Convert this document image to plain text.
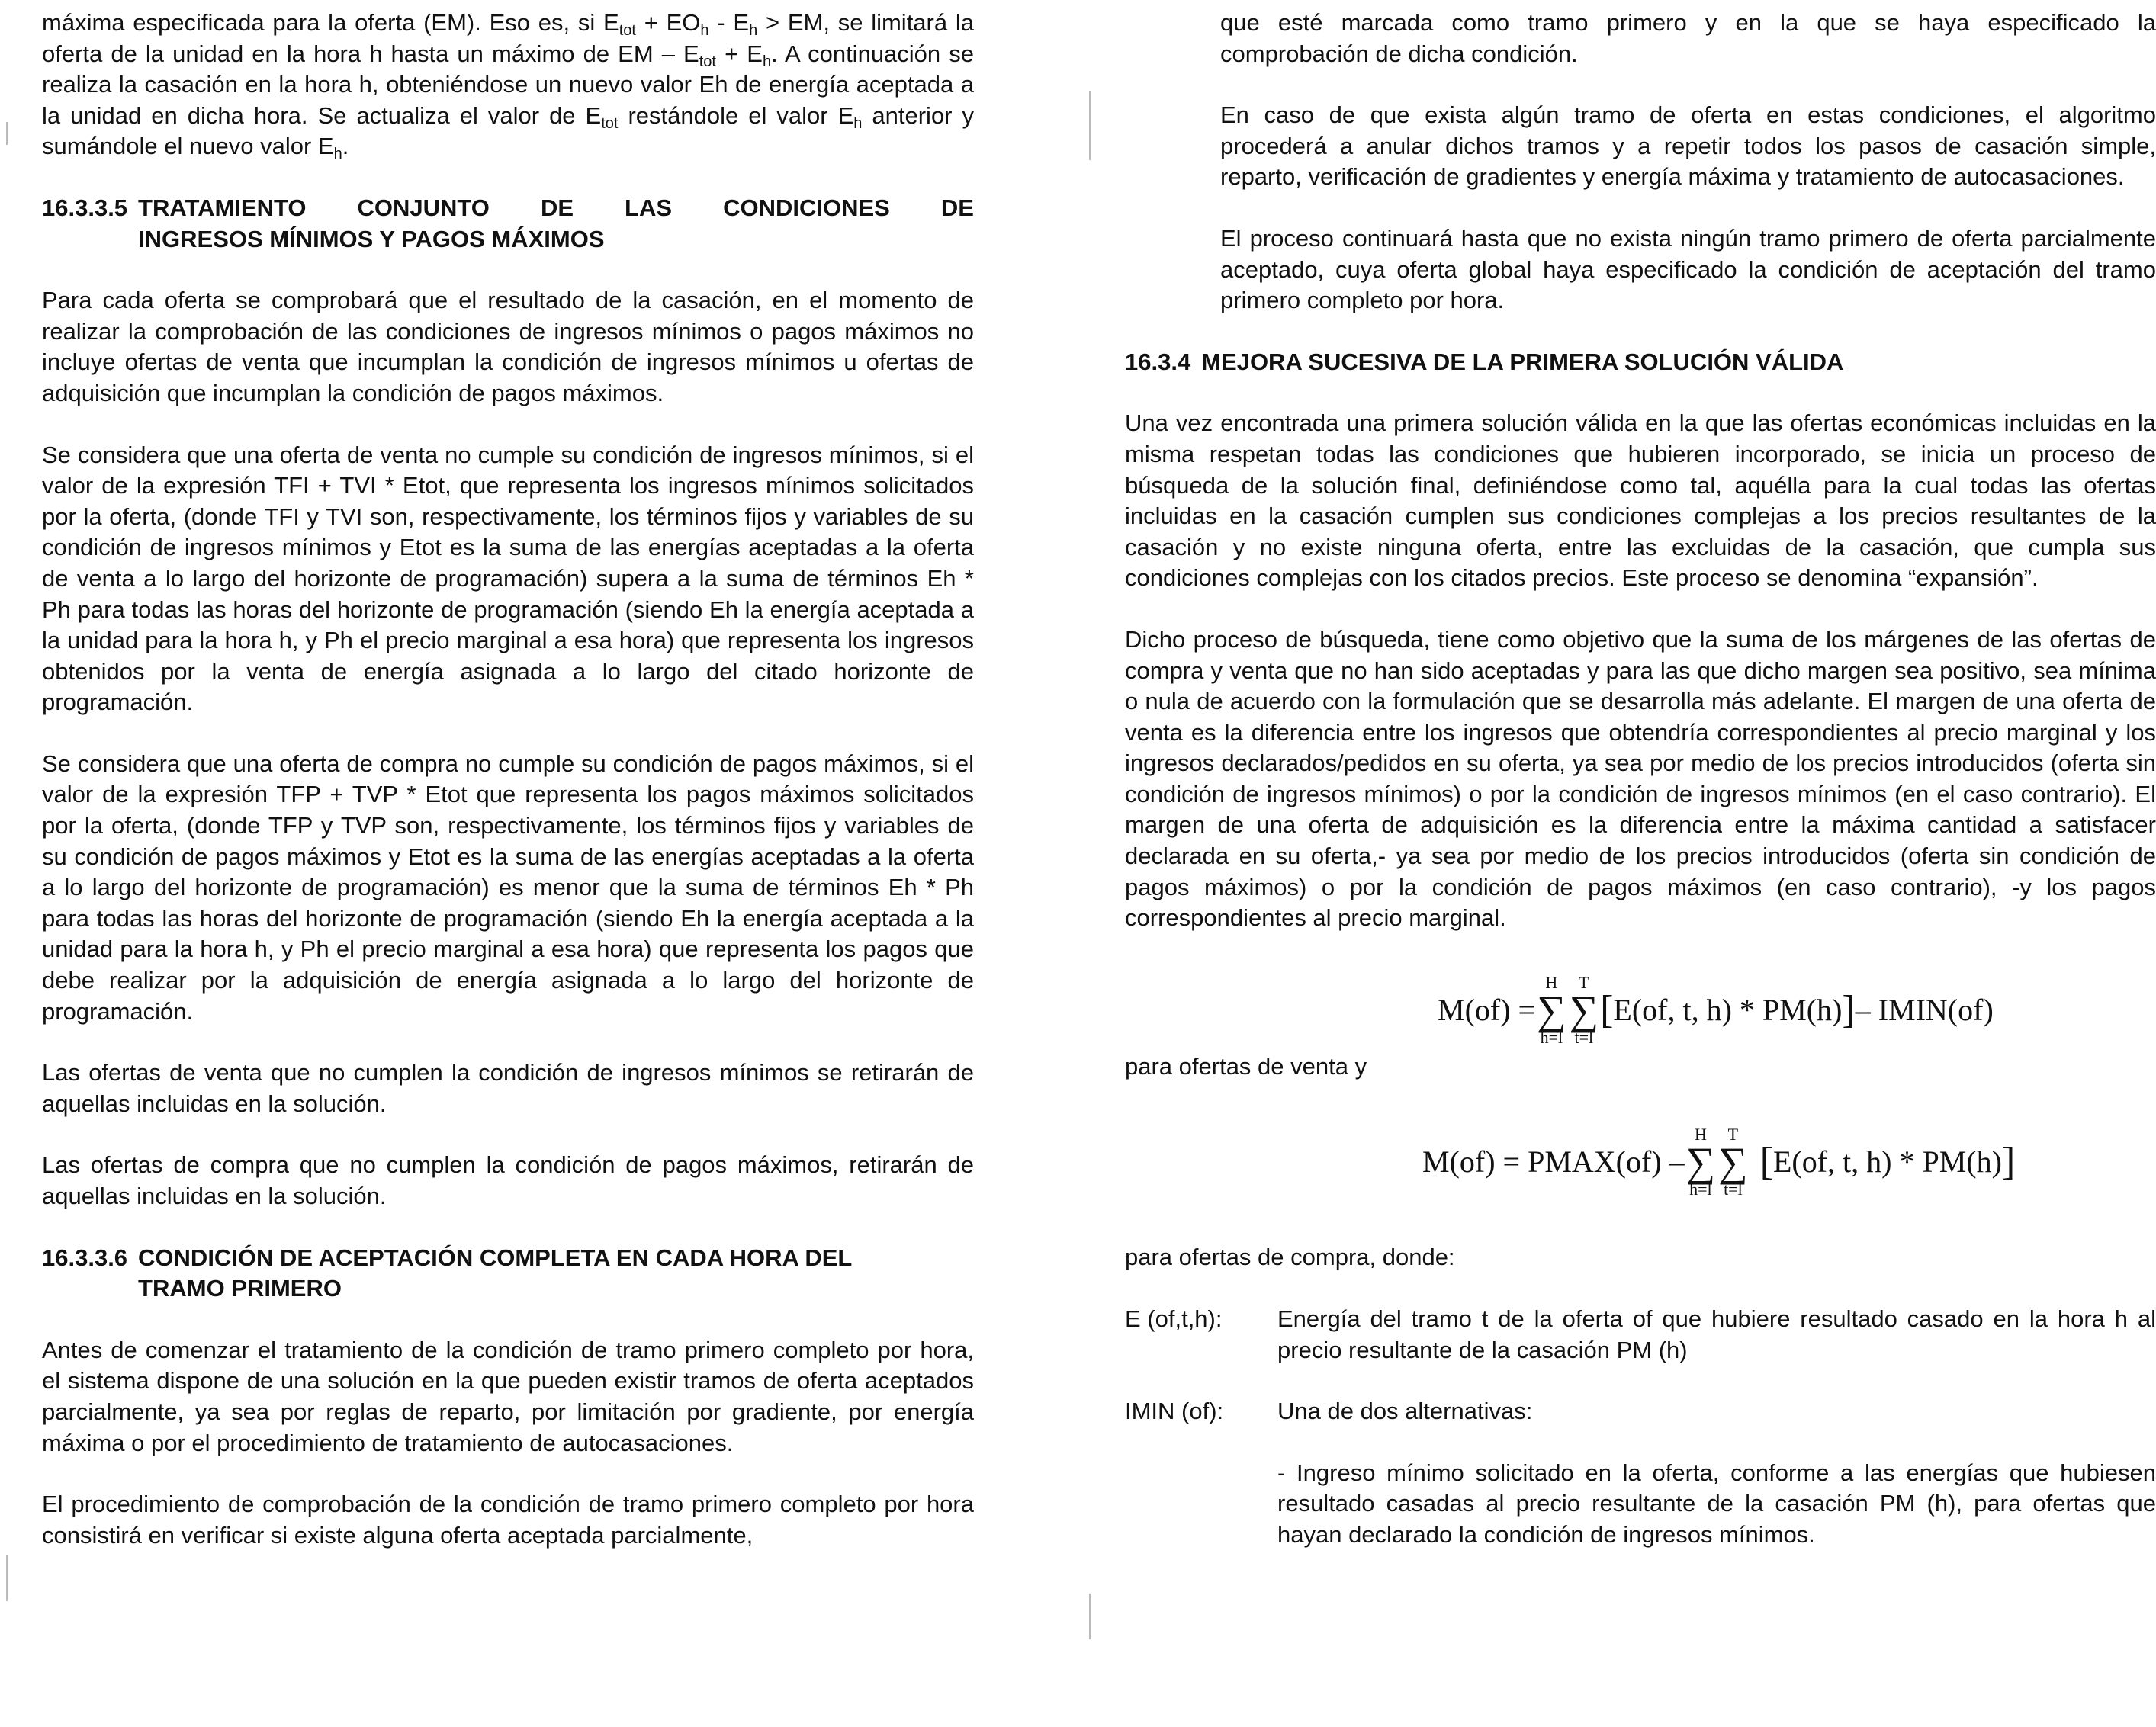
máxima especificada para la oferta (EM). Eso es, si $E_{tot} + EO_h - E_h$ > EM, se limitará la oferta de la unidad en la hora h hasta un máximo de EM – $E_{tot} + E_h$. A continuación se realiza la casación en la hora h, obteniéndose un nuevo valor Eh de energía aceptada a la unidad en dicha hora. Se actualiza el valor de $E_{tot}$ restándole el valor $E_h$ anterior y sumándole el nuevo valor $E_h$.

16.3.3.5 TRATAMIENTO CONJUNTO DE LAS CONDICIONES DE
INGRESOS MÍNIMOS Y PAGOS MÁXIMOS

Para cada oferta se comprobará que el resultado de la casación, en el momento de realizar la comprobación de las condiciones de ingresos mínimos o pagos máximos no incluye ofertas de venta que incumplan la condición de ingresos mínimos u ofertas de adquisición que incumplan la condición de pagos máximos.

Se considera que una oferta de venta no cumple su condición de ingresos mínimos, si el valor de la expresión TFI + TVI * Etot, que representa los ingresos mínimos solicitados por la oferta, (donde TFI y TVI son, respectivamente, los términos fijos y variables de su condición de ingresos mínimos y Etot es la suma de las energías aceptadas a la oferta de venta a lo largo del horizonte de programación) supera a la suma de términos Eh * Ph para todas las horas del horizonte de programación (siendo Eh la energía aceptada a la unidad para la hora h, y Ph el precio marginal a esa hora) que representa los ingresos obtenidos por la venta de energía asignada a lo largo del citado horizonte de programación.

Se considera que una oferta de compra no cumple su condición de pagos máximos, si el valor de la expresión TFP + TVP * Etot que representa los pagos máximos solicitados por la oferta, (donde TFP y TVP son, respectivamente, los términos fijos y variables de su condición de pagos máximos y Etot es la suma de las energías aceptadas a la oferta a lo largo del horizonte de programación) es menor que la suma de términos Eh * Ph para todas las horas del horizonte de programación (siendo Eh la energía aceptada a la unidad para la hora h, y Ph el precio marginal a esa hora) que representa los pagos que debe realizar por la adquisición de energía asignada a lo largo del horizonte de programación.

Las ofertas de venta que no cumplen la condición de ingresos mínimos se retirarán de aquellas incluidas en la solución.

Las ofertas de compra que no cumplen la condición de pagos máximos, retirarán de aquellas incluidas en la solución.

16.3.3.6 CONDICIÓN DE ACEPTACIÓN COMPLETA EN CADA HORA DEL
TRAMO PRIMERO

Antes de comenzar el tratamiento de la condición de tramo primero completo por hora, el sistema dispone de una solución en la que pueden existir tramos de oferta aceptados parcialmente, ya sea por reglas de reparto, por limitación por gradiente, por energía máxima o por el procedimiento de tratamiento de autocasaciones.

El procedimiento de comprobación de la condición de tramo primero completo por hora consistirá en verificar si existe alguna oferta aceptada parcialmente,

que esté marcada como tramo primero y en la que se haya especificado la comprobación de dicha condición.

En caso de que exista algún tramo de oferta en estas condiciones, el algoritmo procederá a anular dichos tramos y a repetir todos los pasos de casación simple, reparto, verificación de gradientes y energía máxima y tratamiento de autocasaciones.

El proceso continuará hasta que no exista ningún tramo primero de oferta parcialmente aceptado, cuya oferta global haya especificado la condición de aceptación del tramo primero completo por hora.

16.3.4 MEJORA SUCESIVA DE LA PRIMERA SOLUCIÓN VÁLIDA

Una vez encontrada una primera solución válida en la que las ofertas económicas incluidas en la misma respetan todas las condiciones que hubieren incorporado, se inicia un proceso de búsqueda de la solución final, definiéndose como tal, aquélla para la cual todas las ofertas incluidas en la casación cumplen sus condiciones complejas a los precios resultantes de la casación y no existe ninguna oferta, entre las excluidas de la casación, que cumpla sus condiciones complejas con los citados precios. Este proceso se denomina “expansión”.

Dicho proceso de búsqueda, tiene como objetivo que la suma de los márgenes de las ofertas de compra y venta que no han sido aceptadas y para las que dicho margen sea positivo, sea mínima o nula de acuerdo con la formulación que se desarrolla más adelante. El margen de una oferta de venta es la diferencia entre los ingresos que obtendría correspondientes al precio marginal y los ingresos declarados/pedidos en su oferta, ya sea por medio de los precios introducidos (oferta sin condición de ingresos mínimos) o por la condición de ingresos mínimos (en el caso contrario). El margen de una oferta de adquisición es la diferencia entre la máxima cantidad a satisfacer declarada en su oferta,- ya sea por medio de los precios introducidos (oferta sin condición de pagos máximos) o por la condición de pagos máximos (en caso contrario), -y los pagos correspondientes al precio marginal.

M(of) =
H
∑
h=l
T
∑
t=l
[ E(of, t, h) * PM(h) ] – IMIN(of)

para ofertas de venta y

M(of) = PMAX(of) –
H
∑
h=l
T
∑
t=l
[ E(of, t, h) * PM(h) ]

para ofertas de compra, donde:

E (of,t,h):	Energía del tramo t de la oferta of que hubiere resultado casado en la hora h al precio resultante de la casación PM (h)
IMIN (of):	Una de dos alternativas:
- Ingreso mínimo solicitado en la oferta, conforme a las energías que hubiesen resultado casadas al precio resultante de la casación PM (h), para ofertas que hayan declarado la condición de ingresos mínimos.
